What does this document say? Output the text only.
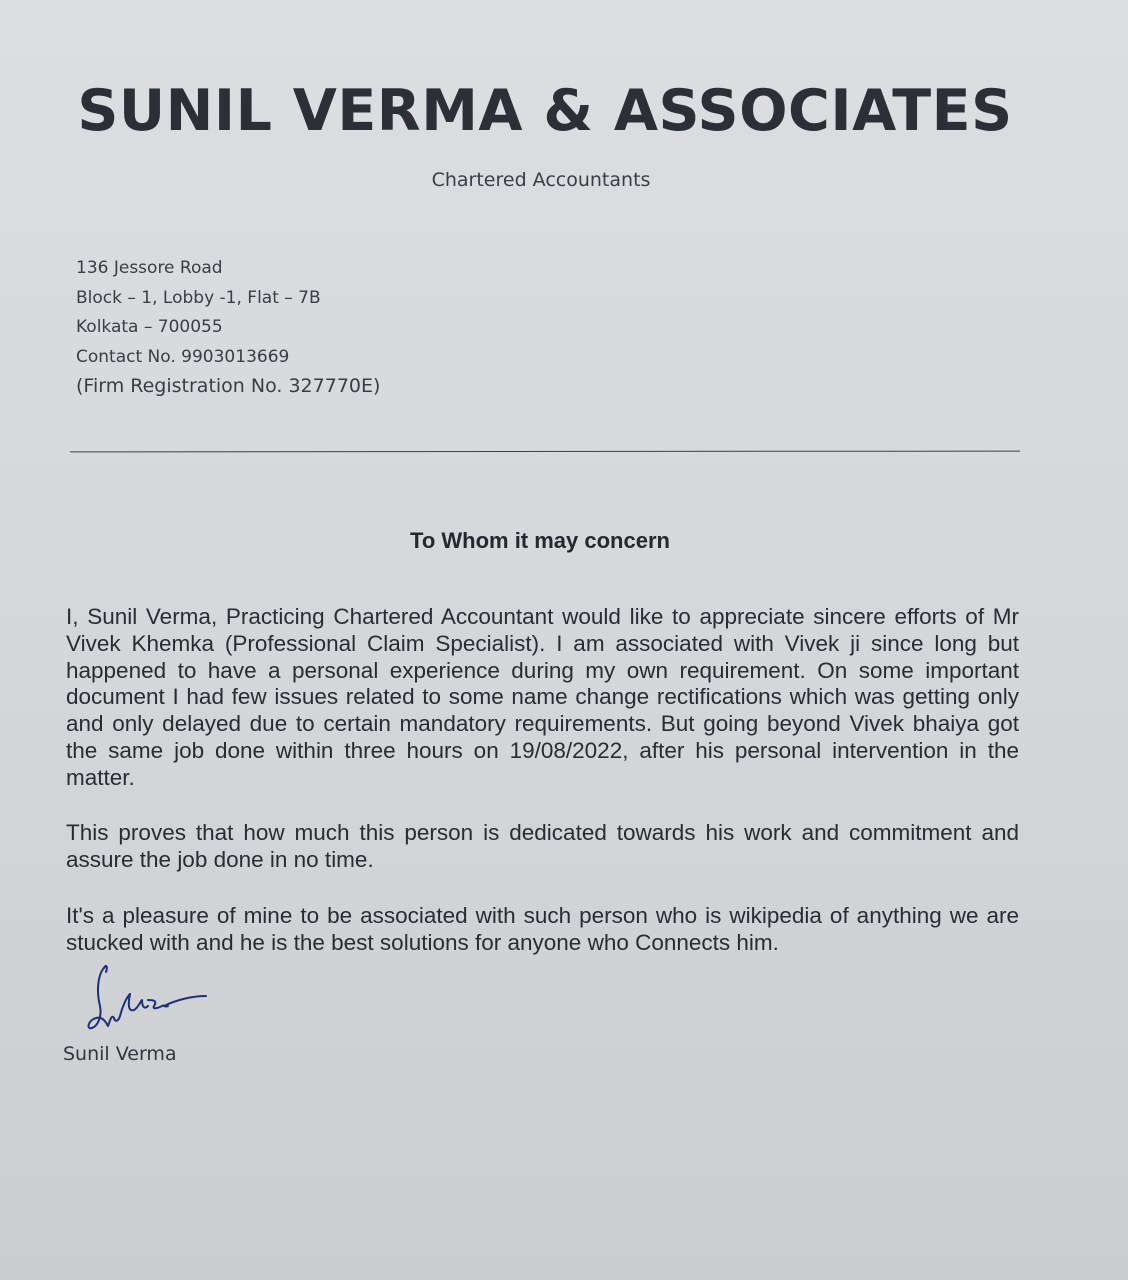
SUNIL VERMA & ASSOCIATES
Chartered Accountants
136 Jessore Road
Block – 1, Lobby -1, Flat – 7B
Kolkata – 700055
Contact No. 9903013669
(Firm Registration No. 327770E)
To Whom it may concern

I, Sunil Verma, Practicing Chartered Accountant would like to appreciate sincere efforts of Mr Vivek Khemka (Professional Claim Specialist). I am associated with Vivek ji since long but happened to have a personal experience during my own requirement. On some important document I had few issues related to some name change rectifications which was getting only and only delayed due to certain mandatory requirements. But going beyond Vivek bhaiya got the same job done within three hours on 19/08/2022, after his personal intervention in the matter.

This proves that how much this person is dedicated towards his work and commitment and assure the job done in no time.

It's a pleasure of mine to be associated with such person who is wikipedia of anything we are stucked with and he is the best solutions for anyone who Connects him.

Sunil Verma
